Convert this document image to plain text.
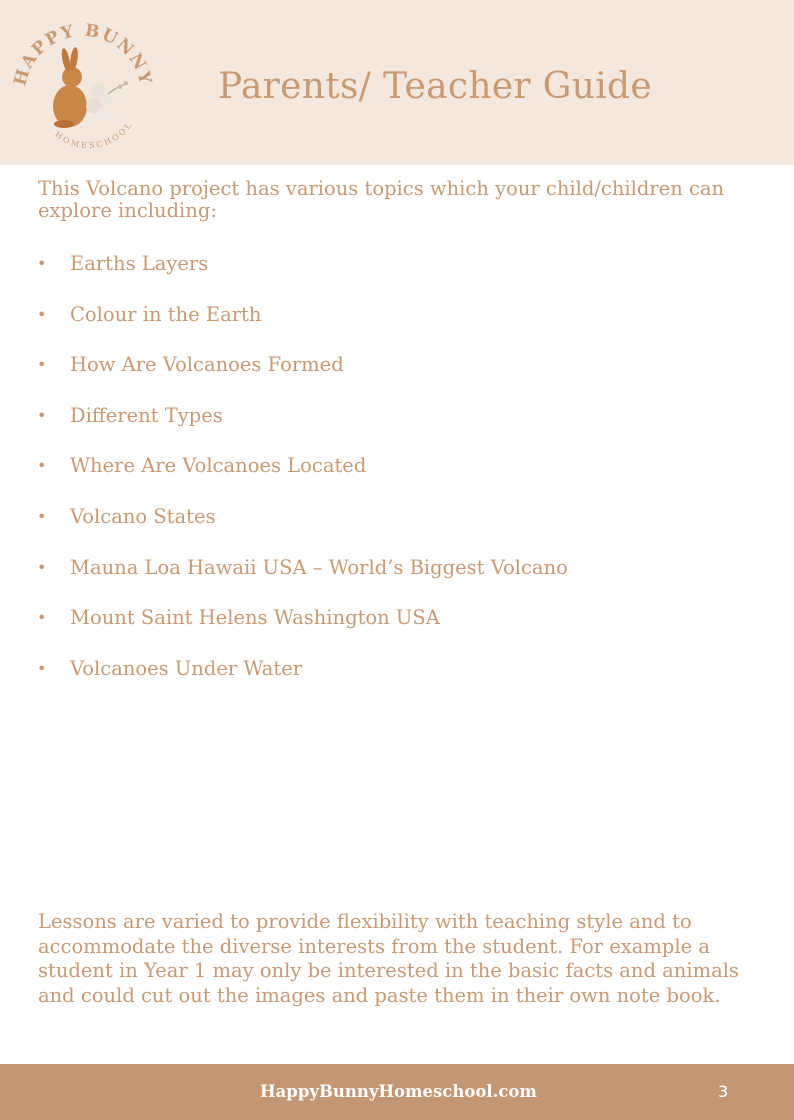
HAPPY BUNNY
HOMESCHOOL
Parents/ Teacher Guide
This Volcano project has various topics which your child/children can explore including:
• Earths Layers
• Colour in the Earth
• How Are Volcanoes Formed
• Different Types
• Where Are Volcanoes Located
• Volcano States
• Mauna Loa Hawaii USA – World’s Biggest Volcano
• Mount Saint Helens Washington USA
• Volcanoes Under Water
Lessons are varied to provide flexibility with teaching style and to accommodate the diverse interests from the student. For example a student in Year 1 may only be interested in the basic facts and animals and could cut out the images and paste them in their own note book.
HappyBunnyHomeschool.com	3
